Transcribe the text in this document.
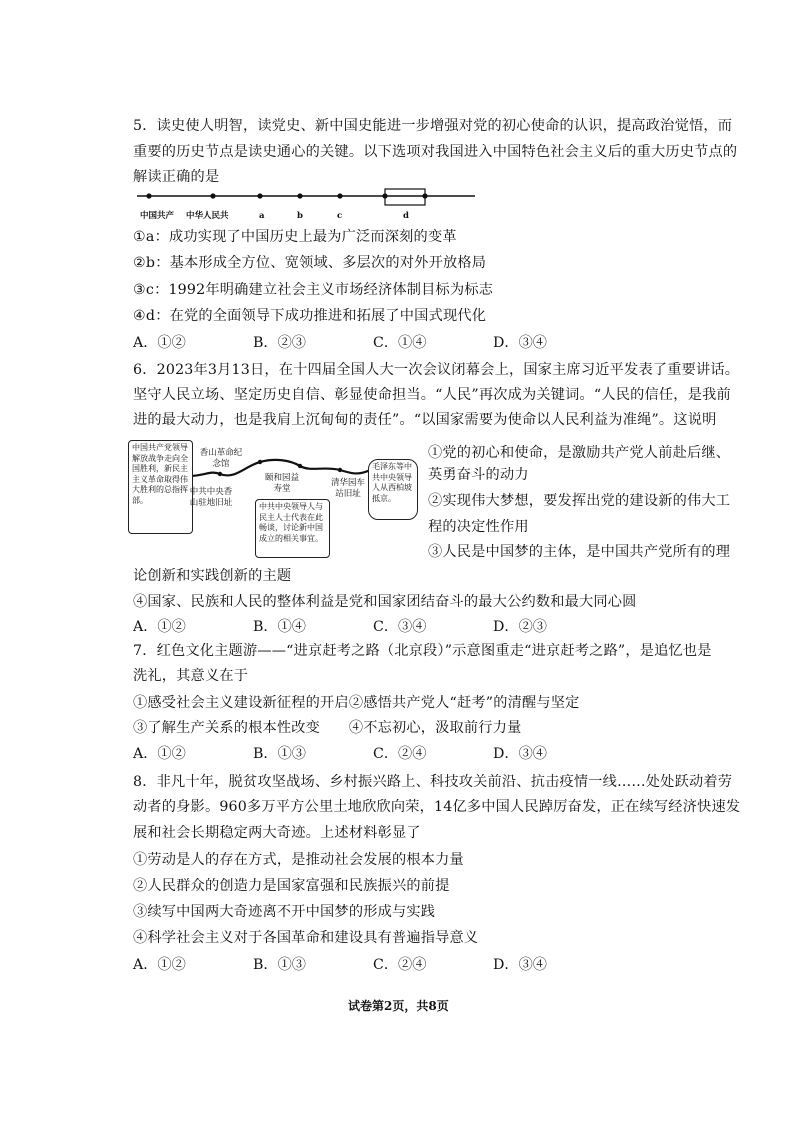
5．读史使人明智，读党史、新中国史能进一步增强对党的初心使命的认识，提高政治觉悟，而
重要的历史节点是读史通心的关键。以下选项对我国进入中国特色社会主义后的重大历史节点的
解读正确的是
中国共产 中华人民共	a	b	c	d
①a：成功实现了中国历史上最为广泛而深刻的变革
②b：基本形成全方位、宽领域、多层次的对外开放格局
③c：1992年明确建立社会主义市场经济体制目标为标志
④d：在党的全面领导下成功推进和拓展了中国式现代化
A．①②	B．②③	C．①④	D．③④
6．2023年3月13日，在十四届全国人大一次会议闭幕会上，国家主席习近平发表了重要讲话。
坚守人民立场、坚定历史自信、彰显使命担当。“人民”再次成为关键词。“人民的信任，是我前
进的最大动力，也是我肩上沉甸甸的责任”。“以国家需要为使命以人民利益为准绳”。这说明
中国共产党领导解放战争走向全国胜利，新民主主义革命取得伟大胜利的总指挥部。
香山革命纪念馆
中共中央香山驻地旧址
颐和园益寿堂
中共中央领导人与民主人士代表在此畅谈，讨论新中国成立的相关事宜。
清华园车站旧址
毛泽东等中共中央领导人从西柏坡抵京。
①党的初心和使命，是激励共产党人前赴后继、
英勇奋斗的动力
②实现伟大梦想，要发挥出党的建设新的伟大工
程的决定性作用
③人民是中国梦的主体，是中国共产党所有的理
论创新和实践创新的主题
④国家、民族和人民的整体利益是党和国家团结奋斗的最大公约数和最大同心圆
A．①②	B．①④	C．③④	D．②③
7．红色文化主题游——“进京赶考之路（北京段）”示意图重走“进京赶考之路”，是追忆也是
洗礼，其意义在于
①感受社会主义建设新征程的开启②感悟共产党人“赶考”的清醒与坚定
③了解生产关系的根本性改变　　④不忘初心，汲取前行力量
A．①②	B．①③	C．②④	D．③④
8．非凡十年，脱贫攻坚战场、乡村振兴路上、科技攻关前沿、抗击疫情一线……处处跃动着劳
动者的身影。960多万平方公里土地欣欣向荣，14亿多中国人民踔厉奋发，正在续写经济快速发
展和社会长期稳定两大奇迹。上述材料彰显了
①劳动是人的存在方式，是推动社会发展的根本力量
②人民群众的创造力是国家富强和民族振兴的前提
③续写中国两大奇迹离不开中国梦的形成与实践
④科学社会主义对于各国革命和建设具有普遍指导意义
A．①②	B．①③	C．②④	D．③④
试卷第2页，共8页
